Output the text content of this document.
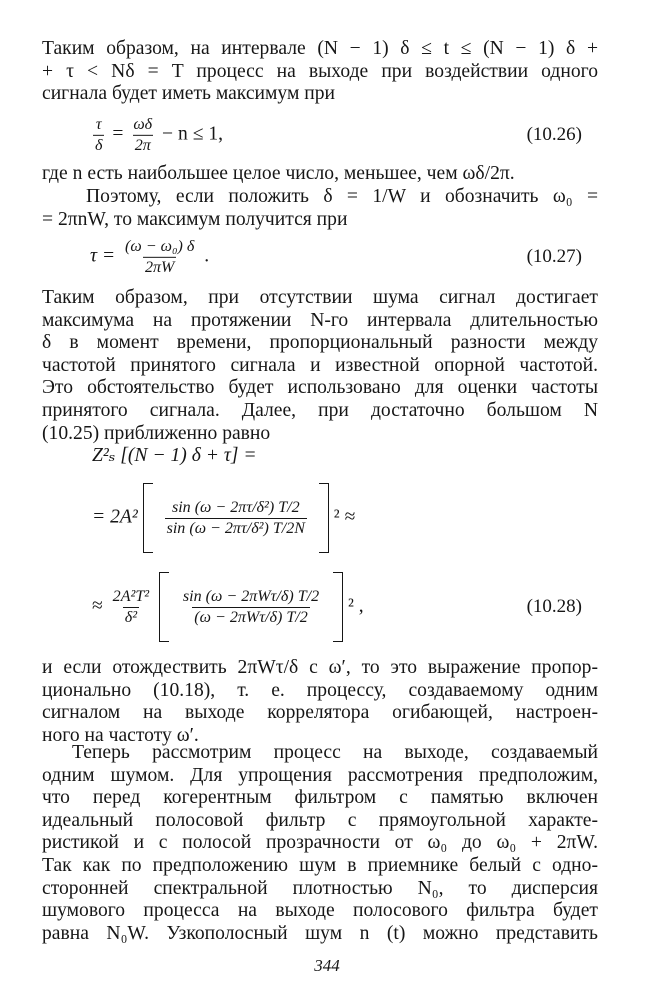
Таким образом, на интервале (N − 1) δ ≤ t ≤ (N − 1) δ +
+ τ < Nδ = T процесс на выходе при воздействии одного
сигнала будет иметь максимум при
$\frac{\tau}{\delta} = \frac{\omega\delta}{2\pi} - n \le 1$,	(10.26)
где n есть наибольшее целое число, меньшее, чем ωδ/2π.
Поэтому, если положить δ = 1/W и обозначить ω₀ =
= 2πnW, то максимум получится при
$\tau = \frac{\text{(ω − ω₀) δ}}{2\pi W}$ .	(10.27)
Таким образом, при отсутствии шума сигнал достигает
максимума на протяжении N-го интервала длительностью
δ в момент времени, пропорциональный разности между
частотой принятого сигнала и известной опорной частотой.
Это обстоятельство будет использовано для оценки частоты
принятого сигнала. Далее, при достаточно большом N
(10.25) приближенно равно
Z²ₛ [(N − 1) δ + τ] =
= $2A^2 \frac{\text{sin (ω − 2πτ/δ²) T/2}}{\text{sin (ω − 2πτ/δ²) T/2N}} ^2$ ≈
≈ $\frac{\text{2A²T²}}{\text{δ²}}$
$\frac{\text{sin (ω − 2πWτ/δ) T/2}}{\text{(ω − 2πWτ/δ) T/2}} ^2$ ,	(10.28)
и если отождествить 2πWτ/δ с ω′, то это выражение пропор-
ционально (10.18), т. е. процессу, создаваемому одним
сигналом на выходе коррелятора огибающей, настроен-
ного на частоту ω′.
Теперь рассмотрим процесс на выходе, создаваемый
одним шумом. Для упрощения рассмотрения предположим,
что перед когерентным фильтром с памятью включен
идеальный полосовой фильтр с прямоугольной характе-
ристикой и с полосой прозрачности от ω₀ до ω₀ + 2πW.
Так как по предположению шум в приемнике белый с одно-
сторонней спектральной плотностью N₀, то дисперсия
шумового процесса на выходе полосового фильтра будет
равна N₀W. Узкополосный шум n (t) можно представить
344
